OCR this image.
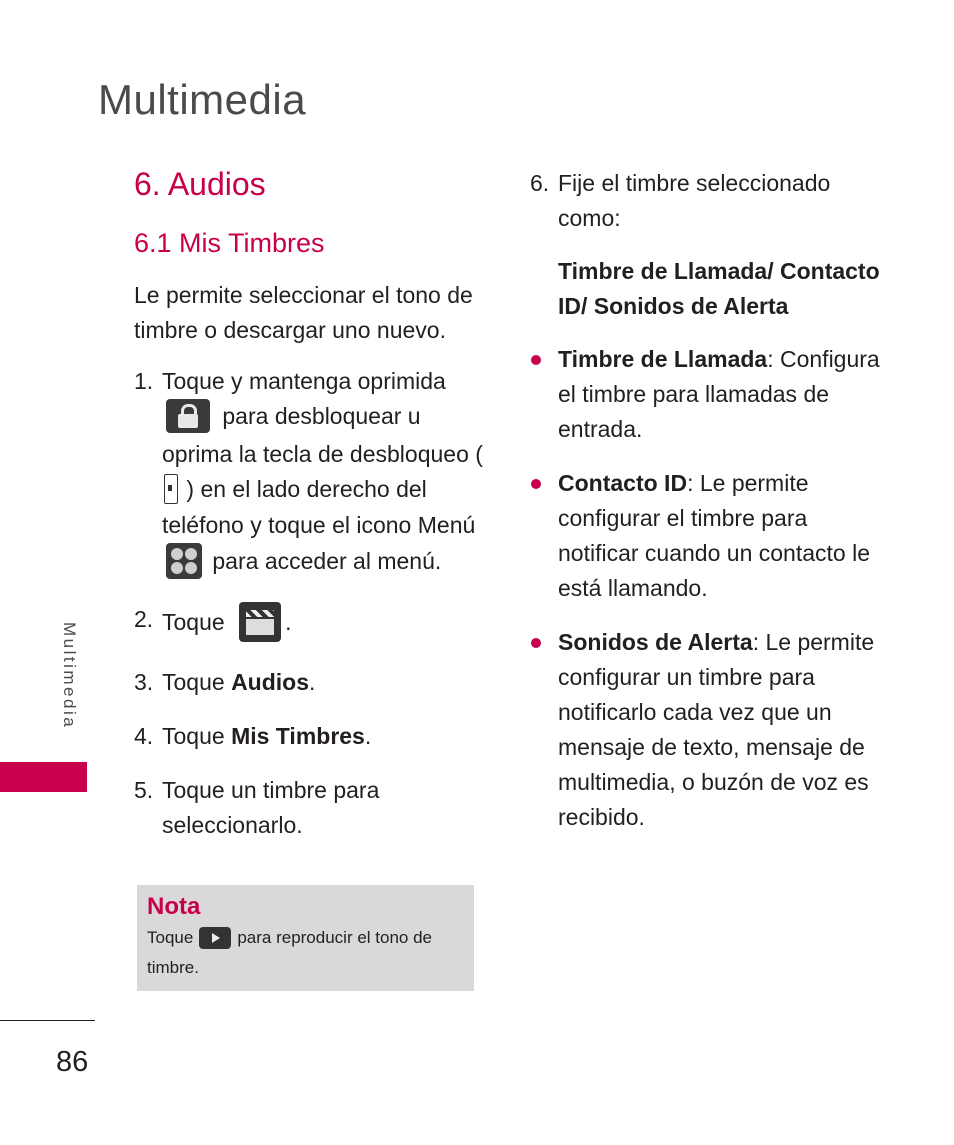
Multimedia
6. Audios
6.1 Mis Timbres

Le permite seleccionar el tono de timbre o descargar uno nuevo.

1. Toque y mantenga oprimida  para desbloquear u oprima la tecla de desbloqueo (  ) en el lado derecho del teléfono y toque el icono Menú
para acceder al menú.
2. Toque	.
3. Toque Audios.
4. Toque Mis Timbres.
5. Toque un timbre para seleccionarlo.
Nota
Toque	para reproducir el tono de timbre.
6. Fije el timbre seleccionado como:
Timbre de Llamada/ Contacto ID/ Sonidos de Alerta
Timbre de Llamada: Configura el timbre para llamadas de entrada.
Contacto ID: Le permite configurar el timbre para notificar cuando un contacto le está llamando.
Sonidos de Alerta: Le permite configurar un timbre para notificarlo cada vez que un mensaje de texto, mensaje de multimedia, o buzón de voz es recibido.
Multimedia
86
